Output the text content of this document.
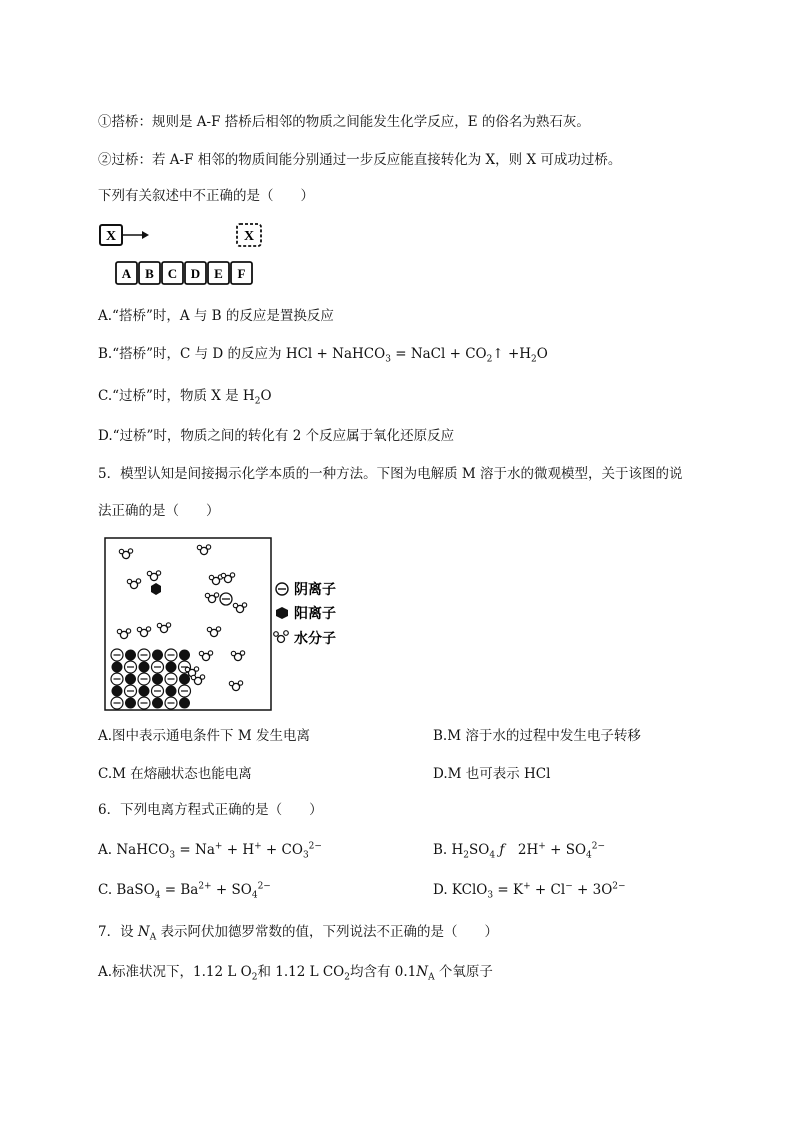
①搭桥：规则是 A-F 搭桥后相邻的物质之间能发生化学反应，E 的俗名为熟石灰。
②过桥：若 A-F 相邻的物质间能分别通过一步反应能直接转化为 X，则 X 可成功过桥。
下列有关叙述中不正确的是（　　）
X	X
A B C D E F
A.“搭桥”时，A 与 B 的反应是置换反应
B.“搭桥”时，C 与 D 的反应为 HCl + NaHCO$_3$ = NaCl + $CO_2↑ +H_2O$
C.“过桥”时，物质 X 是 $H_2O$
D.“过桥”时，物质之间的转化有 2 个反应属于氧化还原反应
5．模型认知是间接揭示化学本质的一种方法。下图为电解质 M 溶于水的微观模型，关于该图的说
法正确的是（　　）
阴离子
阳离子
水分子
A.图中表示通电条件下 M 发生电离	B.M 溶于水的过程中发生电子转移
C.M 在熔融状态也能电离	D.M 也可表示 HCl
6．下列电离方程式正确的是（　　）
A. NaHCO$_3$ = $Na^+ + H^+ + CO_3^{2-}$	B. $H_2SO_4$ ƒ　$2H^+ + SO_4^{2-}$
C. BaSO$_4$ = $Ba^{2+} + SO_4^{2-}$	D. KClO$_3$ = $K^+ + Cl^- + 3O^{2-}$
7．设 $N_A$ 表示阿伏加德罗常数的值，下列说法不正确的是（　　）
A.标准状况下，1.12 L $O_2$和 1.12 L $CO_2$均含有 $0.1N_A$ 个氧原子
